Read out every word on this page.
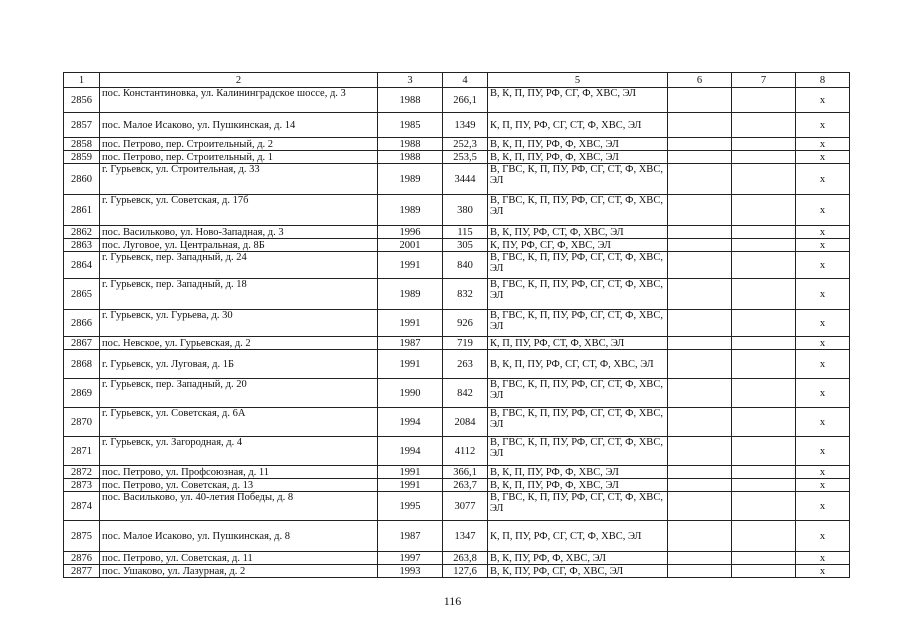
1	2	3	4	5	6	7	8
2856	пос. Константиновка, ул. Калининградское шоссе, д. 3	1988	266,1	В, К, П, ПУ, РФ, СГ, Ф, ХВС, ЭЛ			x
2857	пос. Малое Исаково, ул. Пушкинская, д. 14	1985	1349	К, П, ПУ, РФ, СГ, СТ, Ф, ХВС, ЭЛ			x
2858	пос. Петрово, пер. Строительный, д. 2	1988	252,3	В, К, П, ПУ, РФ, Ф, ХВС, ЭЛ			x
2859	пос. Петрово, пер. Строительный, д. 1	1988	253,5	В, К, П, ПУ, РФ, Ф, ХВС, ЭЛ			x
2860	г. Гурьевск, ул. Строительная, д. 33	1989	3444	В, ГВС, К, П, ПУ, РФ, СГ, СТ, Ф, ХВС, ЭЛ			x
2861	г. Гурьевск, ул. Советская, д. 17б	1989	380	В, ГВС, К, П, ПУ, РФ, СГ, СТ, Ф, ХВС, ЭЛ			x
2862	пос. Васильково, ул. Ново-Западная, д. 3	1996	115	В, К, ПУ, РФ, СТ, Ф, ХВС, ЭЛ			x
2863	пос. Луговое, ул. Центральная, д. 8Б	2001	305	К, ПУ, РФ, СГ, Ф, ХВС, ЭЛ			x
2864	г. Гурьевск, пер. Западный, д. 24	1991	840	В, ГВС, К, П, ПУ, РФ, СГ, СТ, Ф, ХВС, ЭЛ			x
2865	г. Гурьевск, пер. Западный, д. 18	1989	832	В, ГВС, К, П, ПУ, РФ, СГ, СТ, Ф, ХВС, ЭЛ			x
2866	г. Гурьевск, ул. Гурьева, д. 30	1991	926	В, ГВС, К, П, ПУ, РФ, СГ, СТ, Ф, ХВС, ЭЛ			x
2867	пос. Невское, ул. Гурьевская, д. 2	1987	719	К, П, ПУ, РФ, СТ, Ф, ХВС, ЭЛ			x
2868	г. Гурьевск, ул. Луговая, д. 1Б	1991	263	В, К, П, ПУ, РФ, СГ, СТ, Ф, ХВС, ЭЛ			x
2869	г. Гурьевск, пер. Западный, д. 20	1990	842	В, ГВС, К, П, ПУ, РФ, СГ, СТ, Ф, ХВС, ЭЛ			x
2870	г. Гурьевск, ул. Советская, д. 6А	1994	2084	В, ГВС, К, П, ПУ, РФ, СГ, СТ, Ф, ХВС, ЭЛ			x
2871	г. Гурьевск, ул. Загородная, д. 4	1994	4112	В, ГВС, К, П, ПУ, РФ, СГ, СТ, Ф, ХВС, ЭЛ			x
2872	пос. Петрово, ул. Профсоюзная, д. 11	1991	366,1	В, К, П, ПУ, РФ, Ф, ХВС, ЭЛ			x
2873	пос. Петрово, ул. Советская, д. 13	1991	263,7	В, К, П, ПУ, РФ, Ф, ХВС, ЭЛ			x
2874	пос. Васильково, ул. 40-летия Победы, д. 8	1995	3077	В, ГВС, К, П, ПУ, РФ, СГ, СТ, Ф, ХВС, ЭЛ			x
2875	пос. Малое Исаково, ул. Пушкинская, д. 8	1987	1347	К, П, ПУ, РФ, СГ, СТ, Ф, ХВС, ЭЛ			x
2876	пос. Петрово, ул. Советская, д. 11	1997	263,8	В, К, ПУ, РФ, Ф, ХВС, ЭЛ			x
2877	пос. Ушаково, ул. Лазурная, д. 2	1993	127,6	В, К, ПУ, РФ, СГ, Ф, ХВС, ЭЛ			x
116
